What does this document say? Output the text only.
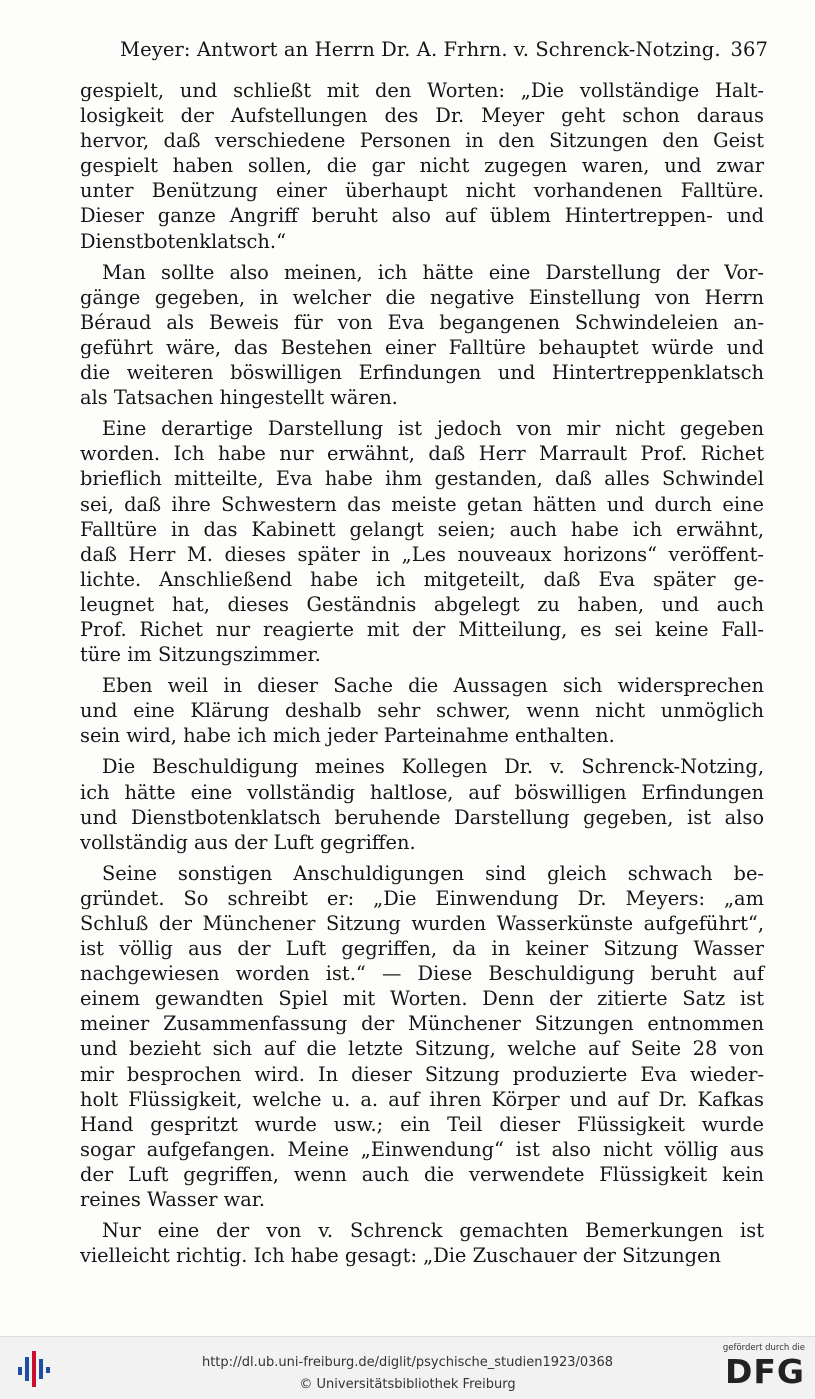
Meyer: Antwort an Herrn Dr. A. Frhrn. v. Schrenck-Notzing. 367
gespielt, und schließt mit den Worten: „Die vollständige Halt-
losigkeit der Aufstellungen des Dr. Meyer geht schon daraus
hervor, daß verschiedene Personen in den Sitzungen den Geist
gespielt haben sollen, die gar nicht zugegen waren, und zwar
unter Benützung einer überhaupt nicht vorhandenen Falltüre.
Dieser ganze Angriff beruht also auf üblem Hintertreppen- und
Dienstbotenklatsch.“
Man sollte also meinen, ich hätte eine Darstellung der Vor-
gänge gegeben, in welcher die negative Einstellung von Herrn
Béraud als Beweis für von Eva begangenen Schwindeleien an-
geführt wäre, das Bestehen einer Falltüre behauptet würde und
die weiteren böswilligen Erfindungen und Hintertreppenklatsch
als Tatsachen hingestellt wären.
Eine derartige Darstellung ist jedoch von mir nicht gegeben
worden. Ich habe nur erwähnt, daß Herr Marrault Prof. Richet
brieflich mitteilte, Eva habe ihm gestanden, daß alles Schwindel
sei, daß ihre Schwestern das meiste getan hätten und durch eine
Falltüre in das Kabinett gelangt seien; auch habe ich erwähnt,
daß Herr M. dieses später in „Les nouveaux horizons“ veröffent-
lichte. Anschließend habe ich mitgeteilt, daß Eva später ge-
leugnet hat, dieses Geständnis abgelegt zu haben, und auch
Prof. Richet nur reagierte mit der Mitteilung, es sei keine Fall-
türe im Sitzungszimmer.
Eben weil in dieser Sache die Aussagen sich widersprechen
und eine Klärung deshalb sehr schwer, wenn nicht unmöglich
sein wird, habe ich mich jeder Parteinahme enthalten.
Die Beschuldigung meines Kollegen Dr. v. Schrenck-Notzing,
ich hätte eine vollständig haltlose, auf böswilligen Erfindungen
und Dienstbotenklatsch beruhende Darstellung gegeben, ist also
vollständig aus der Luft gegriffen.
Seine sonstigen Anschuldigungen sind gleich schwach be-
gründet. So schreibt er: „Die Einwendung Dr. Meyers: „am
Schluß der Münchener Sitzung wurden Wasserkünste aufgeführt“,
ist völlig aus der Luft gegriffen, da in keiner Sitzung Wasser
nachgewiesen worden ist.“ — Diese Beschuldigung beruht auf
einem gewandten Spiel mit Worten. Denn der zitierte Satz ist
meiner Zusammenfassung der Münchener Sitzungen entnommen
und bezieht sich auf die letzte Sitzung, welche auf Seite 28 von
mir besprochen wird. In dieser Sitzung produzierte Eva wieder-
holt Flüssigkeit, welche u. a. auf ihren Körper und auf Dr. Kafkas
Hand gespritzt wurde usw.; ein Teil dieser Flüssigkeit wurde
sogar aufgefangen. Meine „Einwendung“ ist also nicht völlig aus
der Luft gegriffen, wenn auch die verwendete Flüssigkeit kein
reines Wasser war.
Nur eine der von v. Schrenck gemachten Bemerkungen ist
vielleicht richtig. Ich habe gesagt: „Die Zuschauer der Sitzungen
http://dl.ub.uni-freiburg.de/diglit/psychische_studien1923/0368
© Universitätsbibliothek Freiburg
gefördert durch die
DFG
